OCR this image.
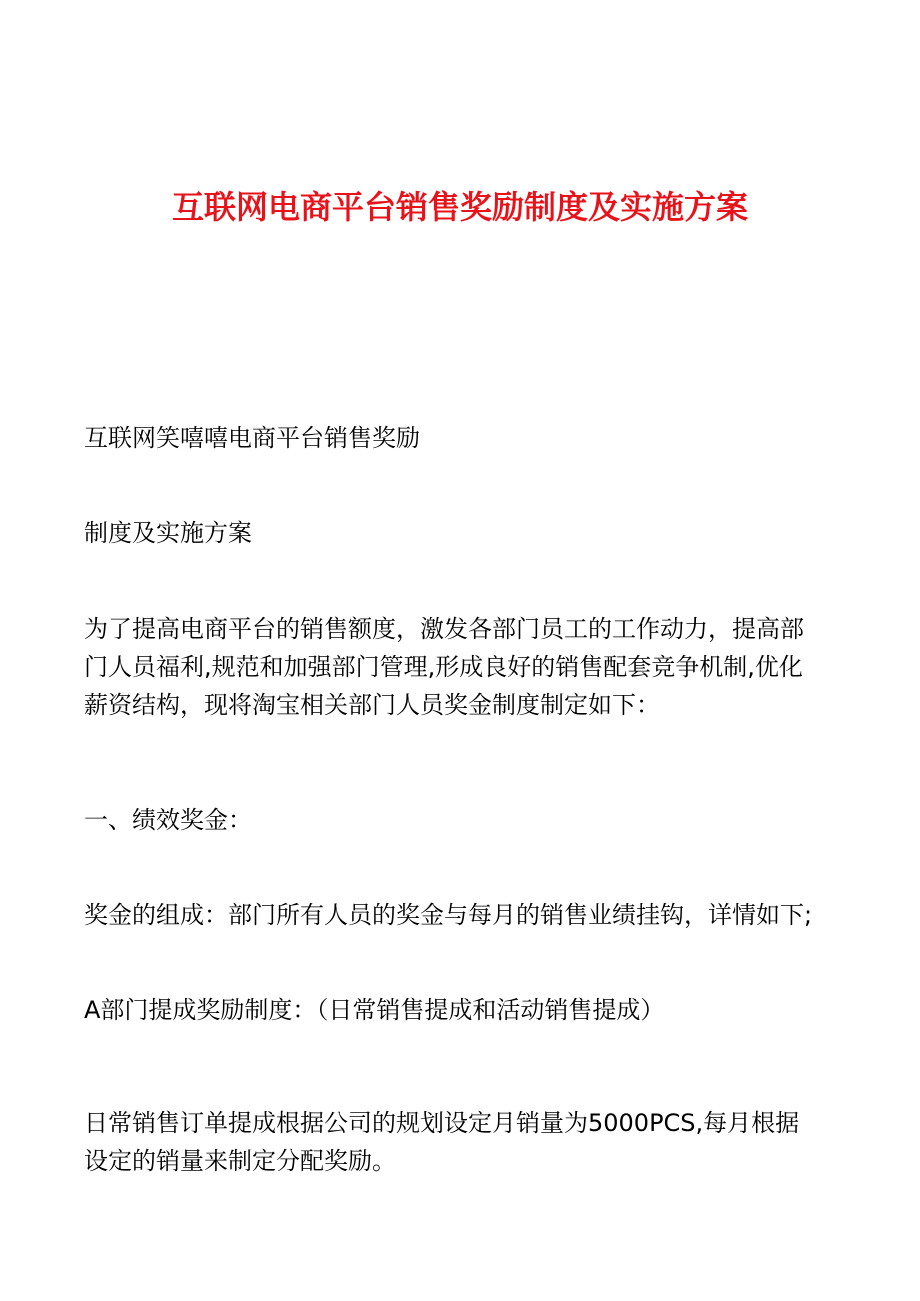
互联网电商平台销售奖励制度及实施方案

互联网笑嘻嘻电商平台销售奖励

制度及实施方案

为了提高电商平台的销售额度，激发各部门员工的工作动力，提高部
门人员福利,规范和加强部门管理,形成良好的销售配套竞争机制,优化
薪资结构，现将淘宝相关部门人员奖金制度制定如下：

一、绩效奖金：

奖金的组成：部门所有人员的奖金与每月的销售业绩挂钩，详情如下;

A部门提成奖励制度：（日常销售提成和活动销售提成）

日常销售订单提成根据公司的规划设定月销量为5000PCS,每月根据
设定的销量来制定分配奖励。
